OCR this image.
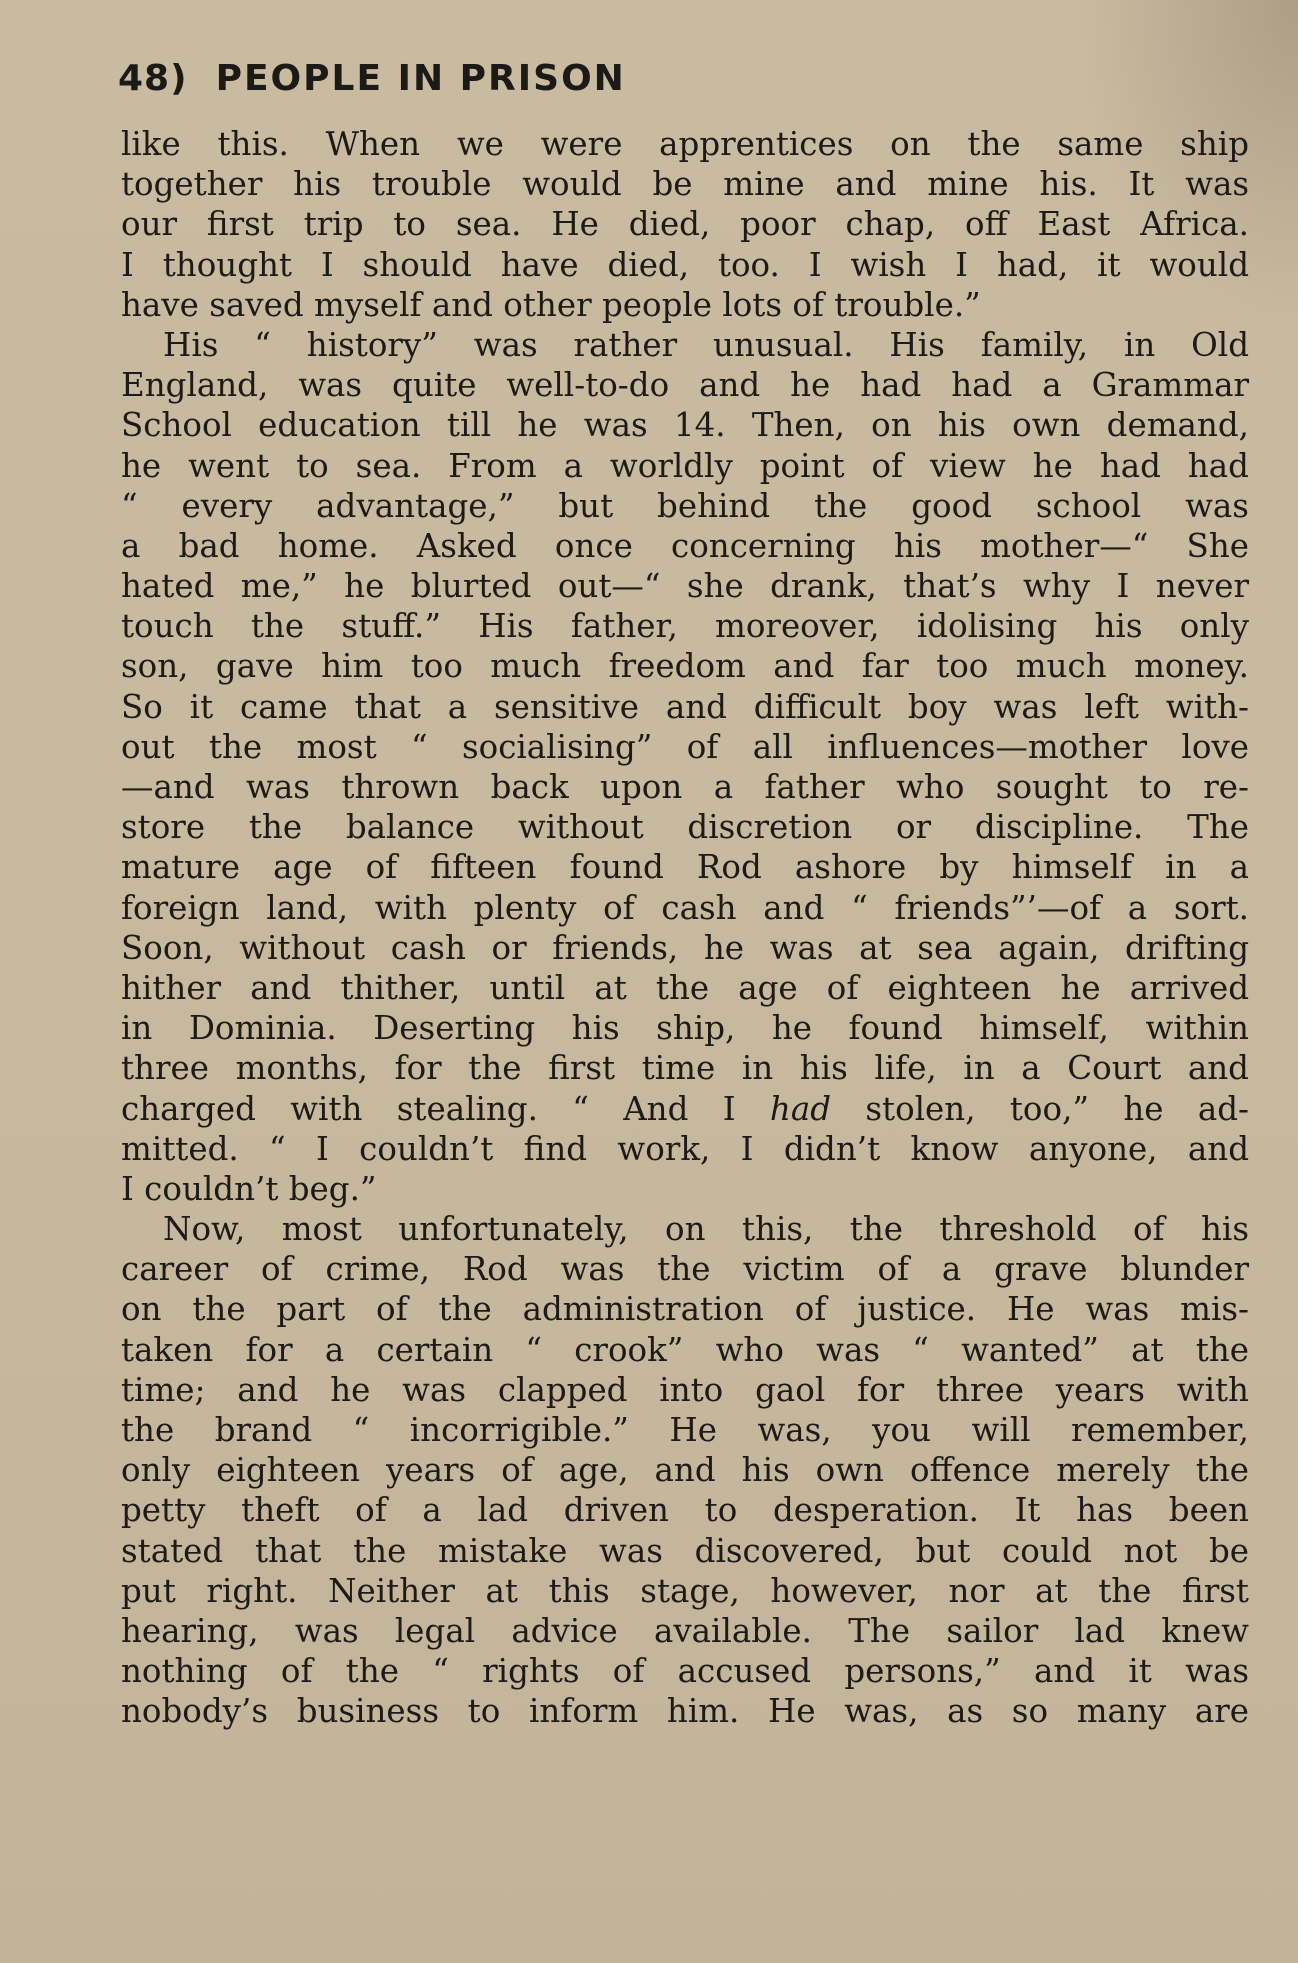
48) PEOPLE IN PRISON
like this. When we were apprentices on the same ship
together his trouble would be mine and mine his. It was
our first trip to sea. He died, poor chap, off East Africa.
I thought I should have died, too. I wish I had, it would
have saved myself and other people lots of trouble.”
His “ history” was rather unusual. His family, in Old
England, was quite well-to-do and he had had a Grammar
School education till he was 14. Then, on his own demand,
he went to sea. From a worldly point of view he had had
“ every advantage,” but behind the good school was
a bad home. Asked once concerning his mother—“ She
hated me,” he blurted out—“ she drank, that’s why I never
touch the stuff.” His father, moreover, idolising his only
son, gave him too much freedom and far too much money.
So it came that a sensitive and difficult boy was left with-
out the most “ socialising” of all influences—mother love
—and was thrown back upon a father who sought to re-
store the balance without discretion or discipline. The
mature age of fifteen found Rod ashore by himself in a
foreign land, with plenty of cash and “ friends”’—of a sort.
Soon, without cash or friends, he was at sea again, drifting
hither and thither, until at the age of eighteen he arrived
in Dominia. Deserting his ship, he found himself, within
three months, for the first time in his life, in a Court and
charged with stealing. “ And I had stolen, too,” he ad-
mitted. “ I couldn’t find work, I didn’t know anyone, and
I couldn’t beg.”
Now, most unfortunately, on this, the threshold of his
career of crime, Rod was the victim of a grave blunder
on the part of the administration of justice. He was mis-
taken for a certain “ crook” who was “ wanted” at the
time; and he was clapped into gaol for three years with
the brand “ incorrigible.” He was, you will remember,
only eighteen years of age, and his own offence merely the
petty theft of a lad driven to desperation. It has been
stated that the mistake was discovered, but could not be
put right. Neither at this stage, however, nor at the first
hearing, was legal advice available. The sailor lad knew
nothing of the “ rights of accused persons,” and it was
nobody’s business to inform him. He was, as so many are
